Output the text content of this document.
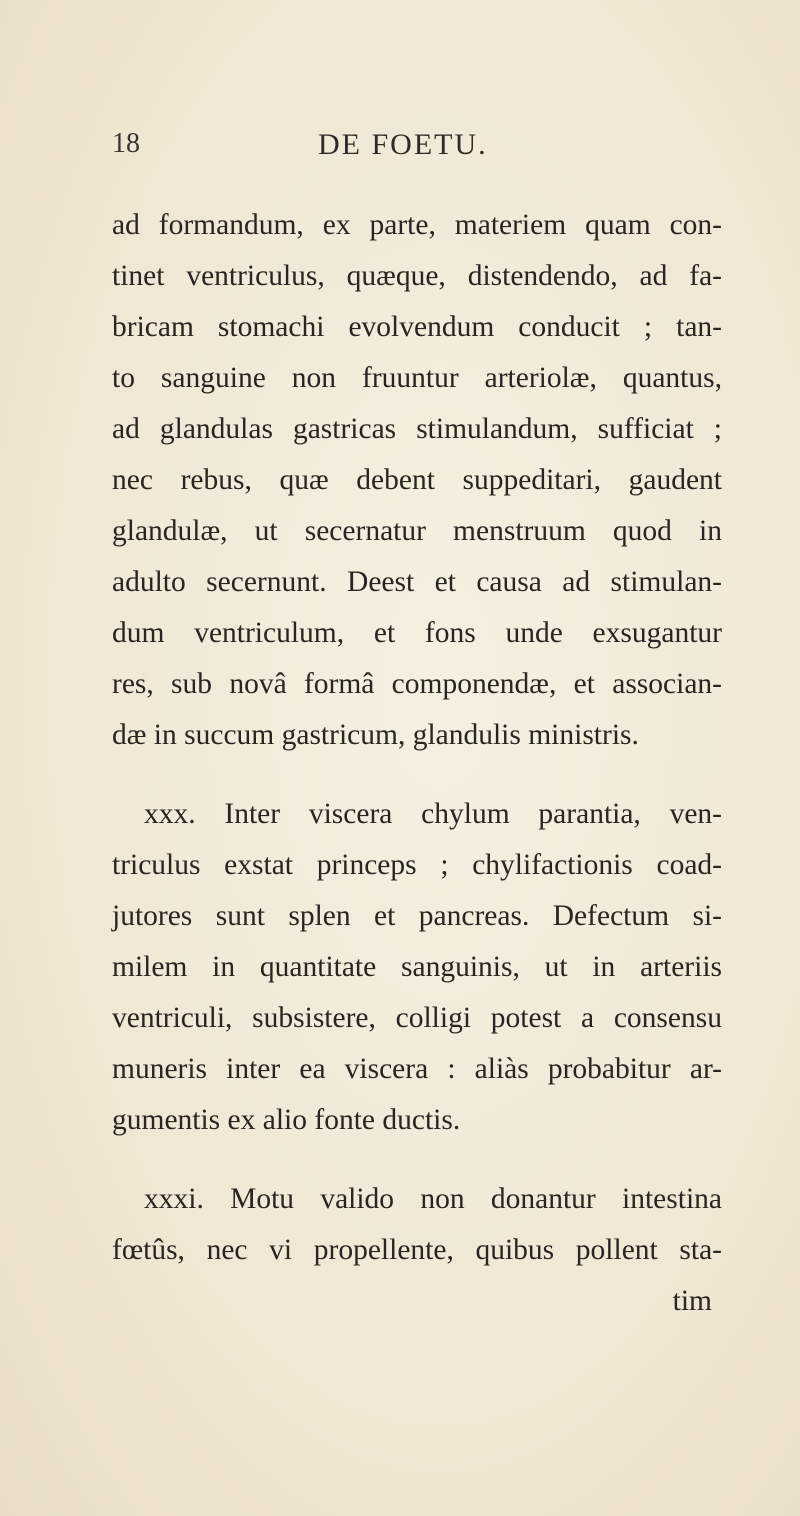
18	DE FOETU.
ad formandum, ex parte, materiem quam con-
tinet ventriculus, quæque, distendendo, ad fa-
bricam stomachi evolvendum conducit ; tan-
to sanguine non fruuntur arteriolæ, quantus,
ad glandulas gastricas stimulandum, sufficiat ;
nec rebus, quæ debent suppeditari, gaudent
glandulæ, ut secernatur menstruum quod in
adulto secernunt. Deest et causa ad stimulan-
dum ventriculum, et fons unde exsugantur
res, sub novâ formâ componendæ, et associan-
dæ in succum gastricum, glandulis ministris.
xxx. Inter viscera chylum parantia, ven-
triculus exstat princeps ; chylifactionis coad-
jutores sunt splen et pancreas. Defectum si-
milem in quantitate sanguinis, ut in arteriis
ventriculi, subsistere, colligi potest a consensu
muneris inter ea viscera : aliàs probabitur ar-
gumentis ex alio fonte ductis.
xxxi. Motu valido non donantur intestina
fœtûs, nec vi propellente, quibus pollent sta-
tim
